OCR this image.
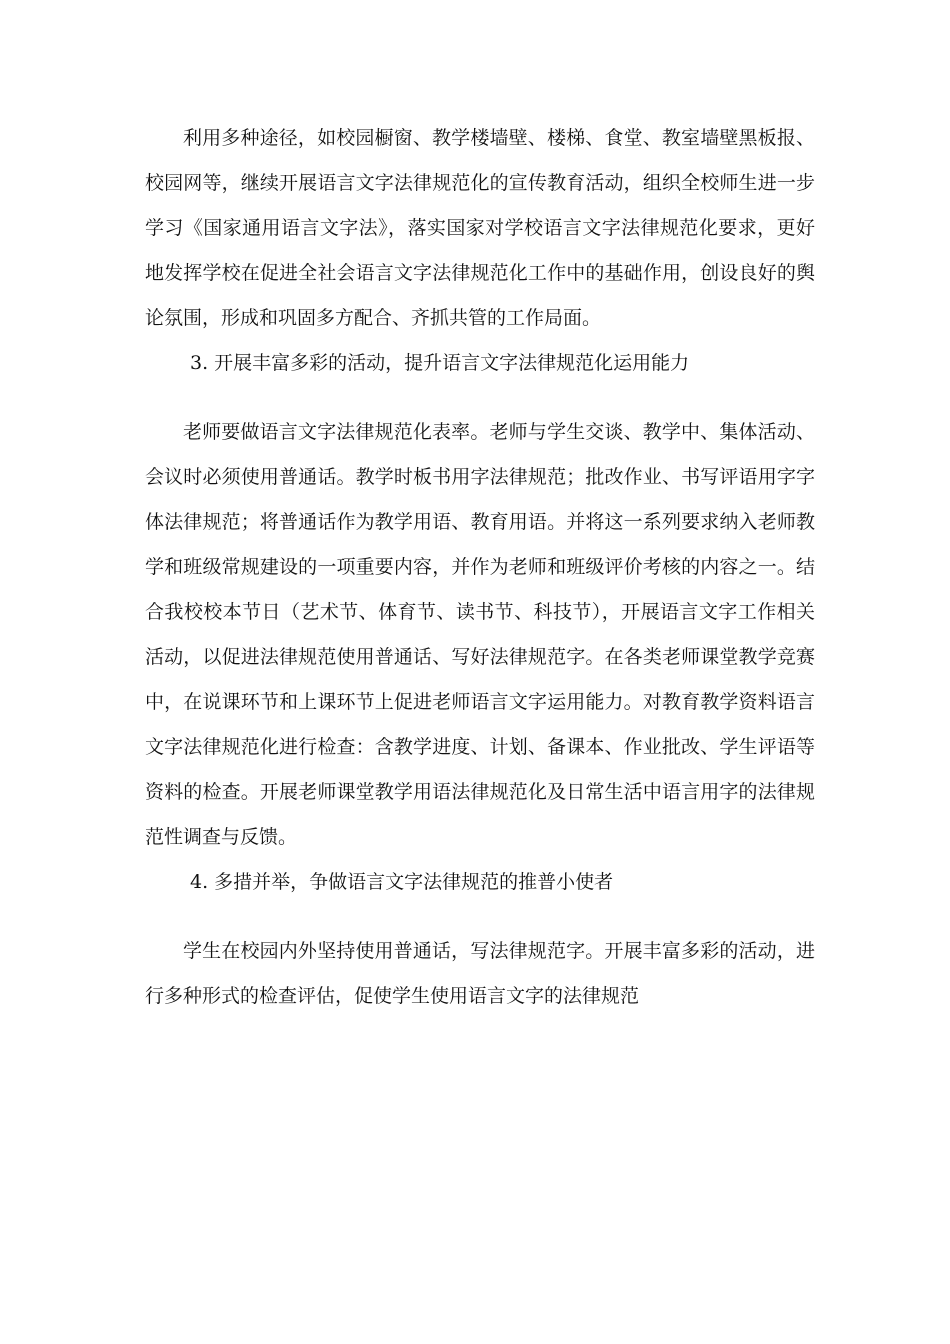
利用多种途径，如校园橱窗、教学楼墙壁、楼梯、食堂、教室墙壁黑板报、校园网等，继续开展语言文字法律规范化的宣传教育活动，组织全校师生进一步学习《国家通用语言文字法》，落实国家对学校语言文字法律规范化要求，更好地发挥学校在促进全社会语言文字法律规范化工作中的基础作用，创设良好的舆论氛围，形成和巩固多方配合、齐抓共管的工作局面。

3. 开展丰富多彩的活动，提升语言文字法律规范化运用能力

老师要做语言文字法律规范化表率。老师与学生交谈、教学中、集体活动、会议时必须使用普通话。教学时板书用字法律规范；批改作业、书写评语用字字体法律规范；将普通话作为教学用语、教育用语。并将这一系列要求纳入老师教学和班级常规建设的一项重要内容，并作为老师和班级评价考核的内容之一。结合我校校本节日（艺术节、体育节、读书节、科技节），开展语言文字工作相关活动，以促进法律规范使用普通话、写好法律规范字。在各类老师课堂教学竞赛中，在说课环节和上课环节上促进老师语言文字运用能力。对教育教学资料语言文字法律规范化进行检查：含教学进度、计划、备课本、作业批改、学生评语等资料的检查。开展老师课堂教学用语法律规范化及日常生活中语言用字的法律规范性调查与反馈。

4. 多措并举，争做语言文字法律规范的推普小使者

学生在校园内外坚持使用普通话，写法律规范字。开展丰富多彩的活动，进行多种形式的检查评估，促使学生使用语言文字的法律规范
